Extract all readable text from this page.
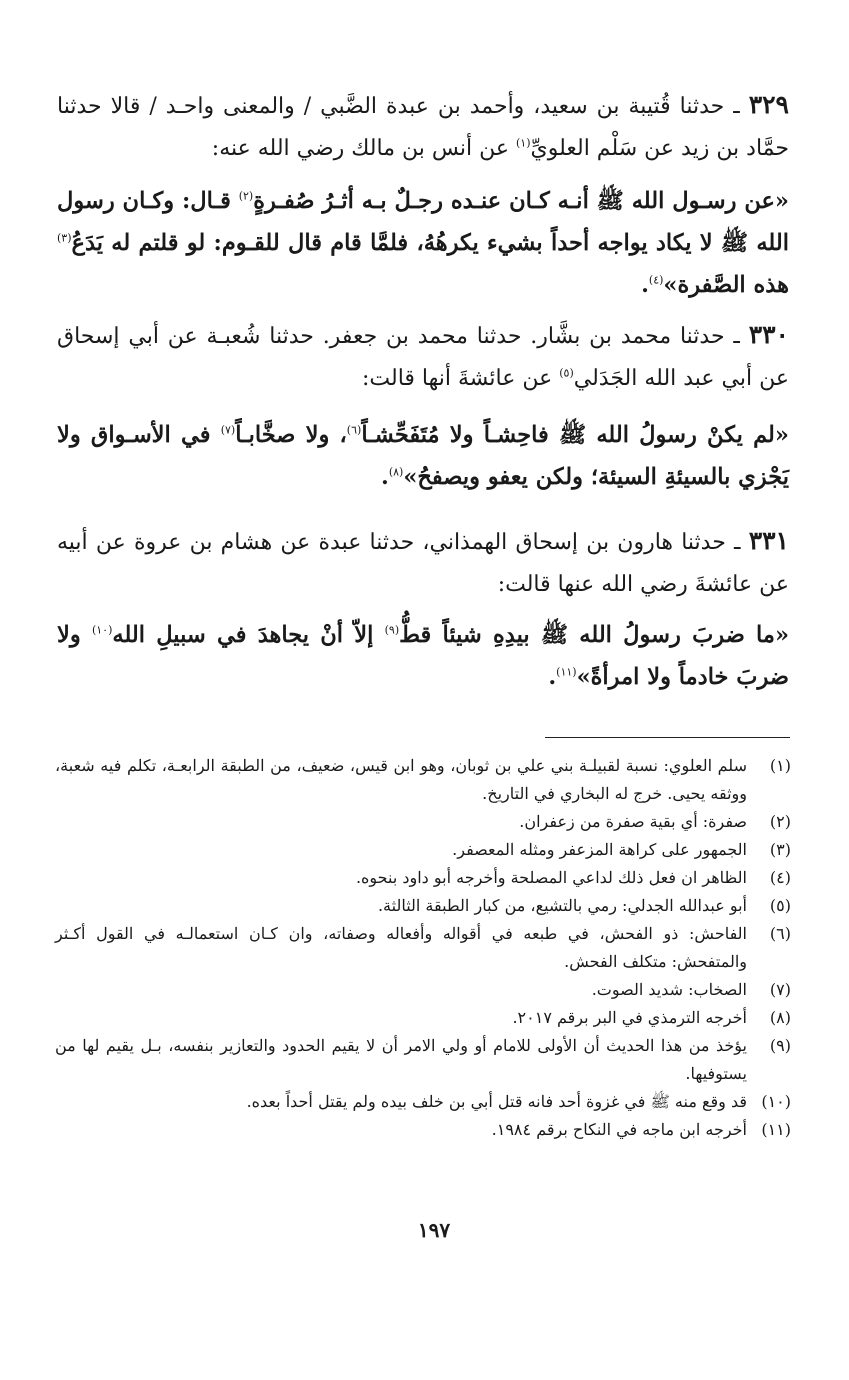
٣٢٩ ـ حدثنا قُتيبة بن سعيد، وأحمد بن عبدة الضَّبي / والمعنى واحـد / قالا حدثنا حمَّاد بن زيد عن سَلْم العلويِّ$^{(١)}$ عن أنس بن مالك رضي الله عنه:

«عن رسـول الله ﷺ أنـه كـان عنـده رجـلٌ بـه أثـرُ صُفـرةٍ$^{(٢)}$ قـال: وكـان رسول الله ﷺ لا يكاد يواجه أحداً بشيء يكرهُهُ، فلمَّا قام قال للقـوم: لو قلتم له يَدَعُ$^{(٣)}$ هذه الصَّفرة»$^{(٤)}$.

٣٣٠ ـ حدثنا محمد بن بشَّار. حدثنا محمد بن جعفر. حدثنا شُعبـة عن أبي إسحاق عن أبي عبد الله الجَدَلي$^{(٥)}$ عن عائشةَ أنها قالت:

«لم يكنْ رسولُ الله ﷺ فاحِشـاً ولا مُتَفَحِّشـاً$^{(٦)}$، ولا صخَّابـاً$^{(٧)}$ في الأسـواق ولا يَجْزي بالسيئةِ السيئة؛ ولكن يعفو ويصفحُ»$^{(٨)}$.

٣٣١ ـ حدثنا هارون بن إسحاق الهمذاني، حدثنا عبدة عن هشام بن عروة عن أبيه عن عائشةَ رضي الله عنها قالت:

«ما ضربَ رسولُ الله ﷺ بيدِهِ شيئاً قطُّ$^{(٩)}$ إلاّ أنْ يجاهدَ في سبيلِ الله$^{(١٠)}$ ولا ضربَ خادماً ولا امرأةً»$^{(١١)}$.

(١)
سلم العلوي: نسبة لقبيلـة بني علي بن ثوبان، وهو ابن قيس، ضعيف، من الطبقة الرابعـة، تكلم فيه شعبة، ووثقه يحيى. خرج له البخاري في التاريخ.
(٢)
صفرة: أي بقية صفرة من زعفران.
(٣)
الجمهور على كراهة المزعفر ومثله المعصفر.
(٤)
الظاهر ان فعل ذلك لداعي المصلحة وأخرجه أبو داود بنحوه.
(٥)
أبو عبدالله الجدلي: رمي بالتشيع، من كبار الطبقة الثالثة.
(٦)
الفاحش: ذو الفحش، في طبعه في أقواله وأفعاله وصفاته، وان كـان استعمالـه في القول أكـثر والمتفحش: متكلف الفحش.
(٧)
الصخاب: شديد الصوت.
(٨)
أخرجه الترمذي في البر برقم ٢٠١٧.
(٩)
يؤخذ من هذا الحديث أن الأولى للامام أو ولي الامر أن لا يقيم الحدود والتعازير بنفسه، بـل يقيم لها من يستوفيها.
(١٠)
قد وقع منه ﷺ في غزوة أحد فانه قتل أبي بن خلف بيده ولم يقتل أحداً بعده.
(١١)
أخرجه ابن ماجه في النكاح برقم ١٩٨٤.
١٩٧
